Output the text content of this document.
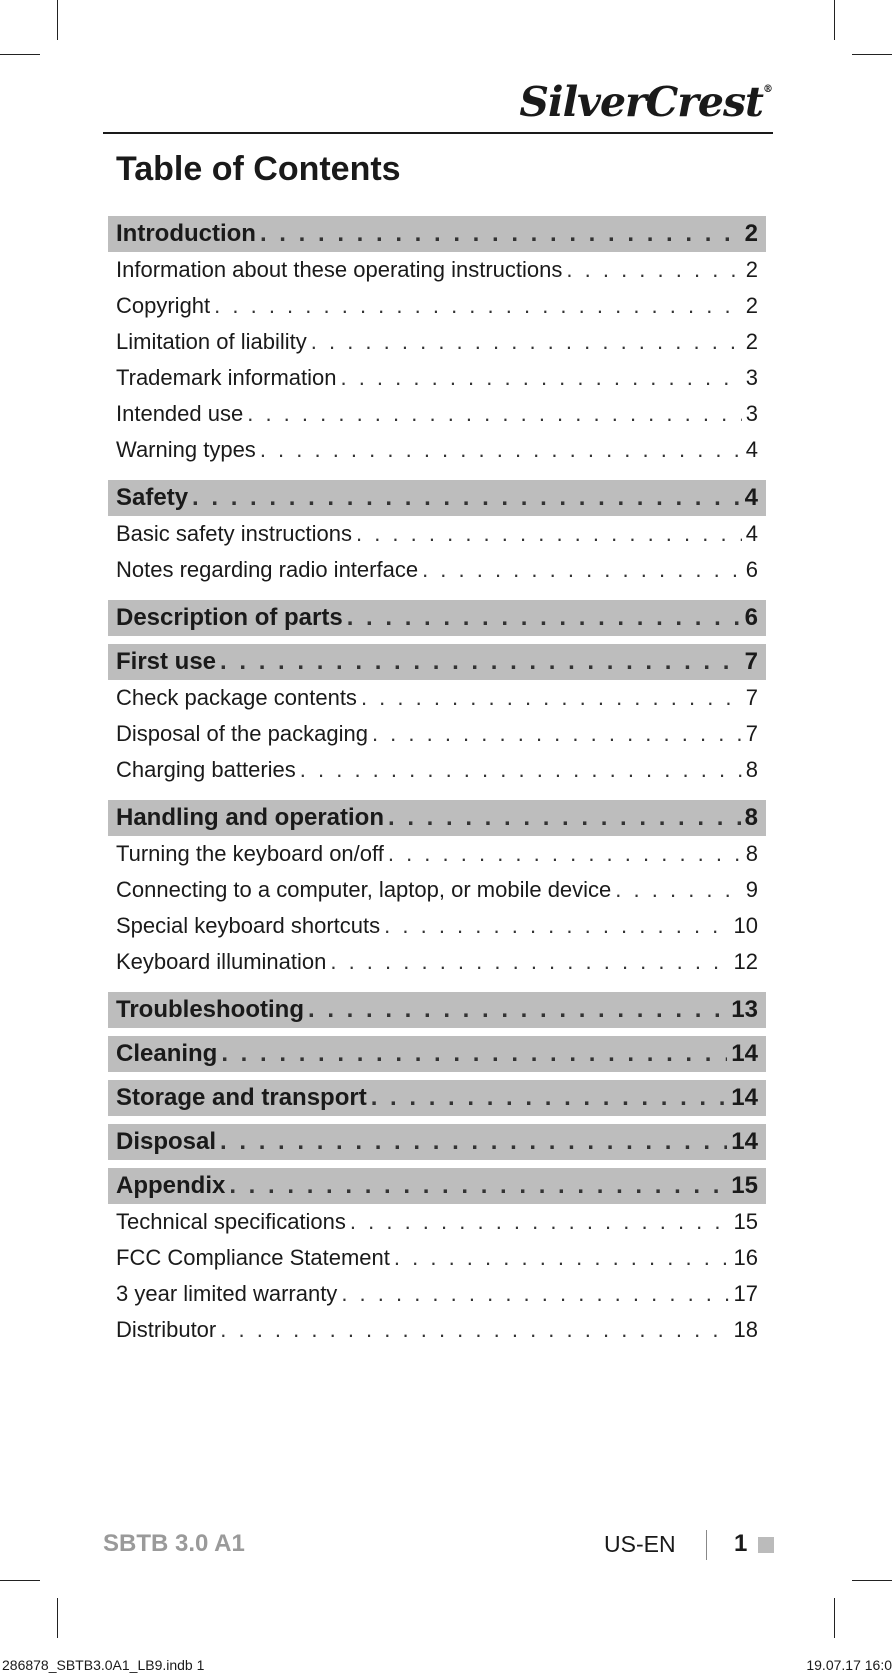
SilverCrest®
Table of Contents
Introduction . . .	2
Information about these operating instructions . . .	2
Copyright . . .	2
Limitation of liability . . .	2
Trademark information . . .	3
Intended use . . .	3
Warning types . . .	4
Safety . . .	4
Basic safety instructions . . .	4
Notes regarding radio interface . . .	6
Description of parts . . .	6
First use . . .	7
Check package contents . . .	7
Disposal of the packaging . . .	7
Charging batteries . . .	8
Handling and operation . . .	8
Turning the keyboard on/off . . .	8
Connecting to a computer, laptop, or mobile device . . .	9
Special keyboard shortcuts . . .	10
Keyboard illumination . . .	12
Troubleshooting . . .	13
Cleaning . . .	14
Storage and transport . . .	14
Disposal . . .	14
Appendix . . .	15
Technical specifications . . .	15
FCC Compliance Statement . . .	16
3 year limited warranty . . .	17
Distributor . . .	18
SBTB 3.0 A1	US-EN 1
286878_SBTB3.0A1_LB9.indb 1	19.07.17 16:0
